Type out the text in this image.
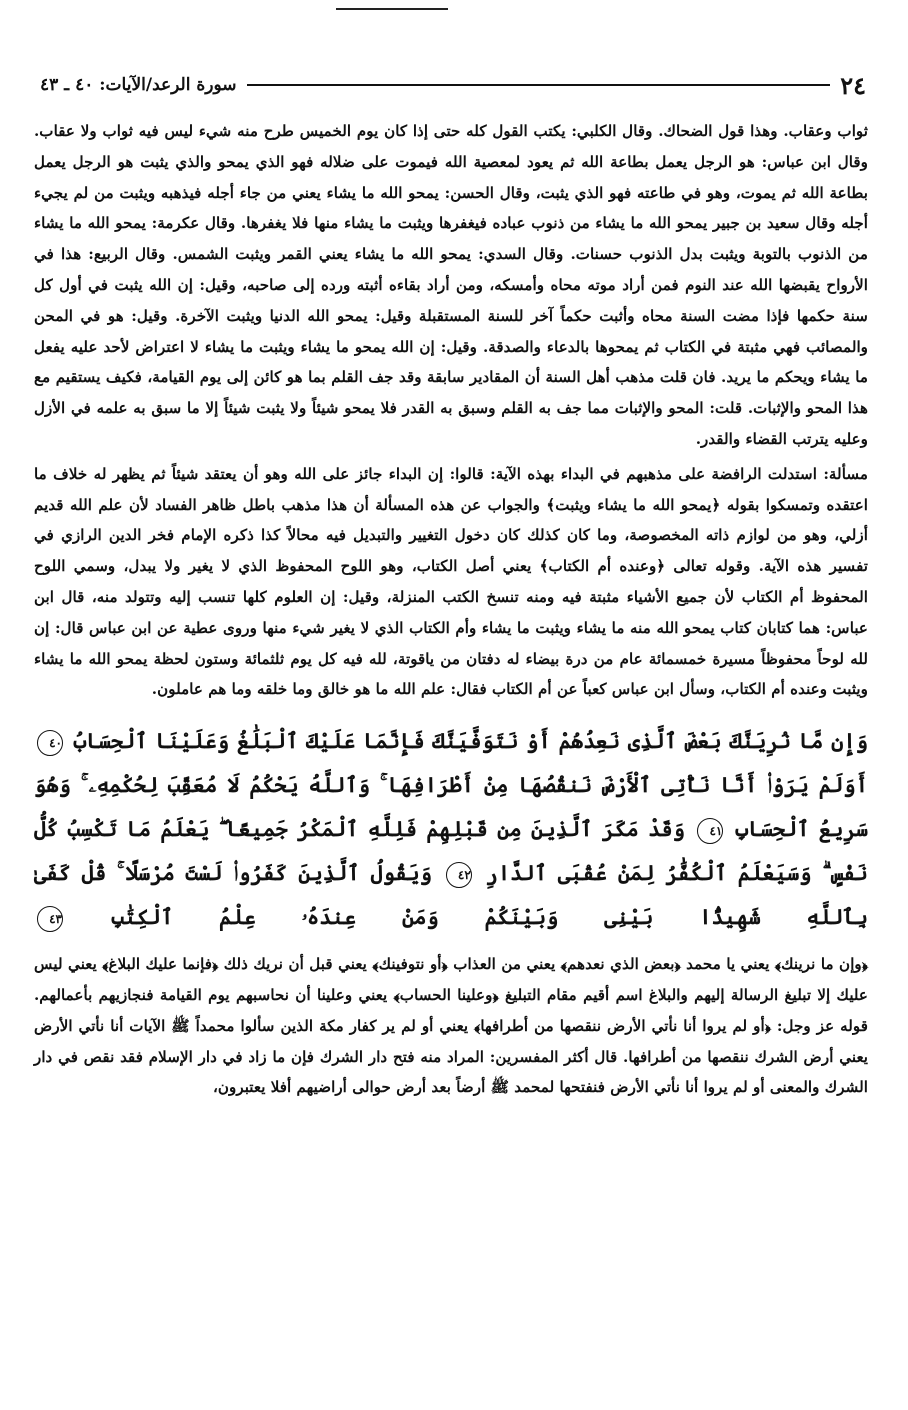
٢٤
سورة الرعد/الآيات: ٤٠ ـ ٤٣

ثواب وعقاب. وهذا قول الضحاك. وقال الكلبي: يكتب القول كله حتى إذا كان يوم الخميس طرح منه شيء ليس فيه ثواب ولا عقاب. وقال ابن عباس: هو الرجل يعمل بطاعة الله ثم يعود لمعصية الله فيموت على ضلاله فهو الذي يمحو والذي يثبت هو الرجل يعمل بطاعة الله ثم يموت، وهو في طاعته فهو الذي يثبت، وقال الحسن: يمحو الله ما يشاء يعني من جاء أجله فيذهبه ويثبت من لم يجيء أجله وقال سعيد بن جبير يمحو الله ما يشاء من ذنوب عباده فيغفرها ويثبت ما يشاء منها فلا يغفرها. وقال عكرمة: يمحو الله ما يشاء من الذنوب بالتوبة ويثبت بدل الذنوب حسنات. وقال السدي: يمحو الله ما يشاء يعني القمر ويثبت الشمس. وقال الربيع: هذا في الأرواح يقبضها الله عند النوم فمن أراد موته محاه وأمسكه، ومن أراد بقاءه أثبته ورده إلى صاحبه، وقيل: إن الله يثبت في أول كل سنة حكمها فإذا مضت السنة محاه وأثبت حكماً آخر للسنة المستقبلة وقيل: يمحو الله الدنيا ويثبت الآخرة. وقيل: هو في المحن والمصائب فهي مثبتة في الكتاب ثم يمحوها بالدعاء والصدقة. وقيل: إن الله يمحو ما يشاء ويثبت ما يشاء لا اعتراض لأحد عليه يفعل ما يشاء ويحكم ما يريد. فان قلت مذهب أهل السنة أن المقادير سابقة وقد جف القلم بما هو كائن إلى يوم القيامة، فكيف يستقيم مع هذا المحو والإثبات. قلت: المحو والإثبات مما جف به القلم وسبق به القدر فلا يمحو شيئاً ولا يثبت شيئاً إلا ما سبق به علمه في الأزل وعليه يترتب القضاء والقدر.

مسألة: استدلت الرافضة على مذهبهم في البداء بهذه الآية: قالوا: إن البداء جائز على الله وهو أن يعتقد شيئاً ثم يظهر له خلاف ما اعتقده وتمسكوا بقوله ﴿يمحو الله ما يشاء ويثبت﴾ والجواب عن هذه المسألة أن هذا مذهب باطل ظاهر الفساد لأن علم الله قديم أزلي، وهو من لوازم ذاته المخصوصة، وما كان كذلك كان دخول التغيير والتبديل فيه محالاً كذا ذكره الإمام فخر الدين الرازي في تفسير هذه الآية. وقوله تعالى ﴿وعنده أم الكتاب﴾ يعني أصل الكتاب، وهو اللوح المحفوظ الذي لا يغير ولا يبدل، وسمي اللوح المحفوظ أم الكتاب لأن جميع الأشياء مثبتة فيه ومنه تنسخ الكتب المنزلة، وقيل: إن العلوم كلها تنسب إليه وتتولد منه، قال ابن عباس: هما كتابان كتاب يمحو الله منه ما يشاء ويثبت ما يشاء وأم الكتاب الذي لا يغير شيء منها وروى عطية عن ابن عباس قال: إن لله لوحاً محفوظاً مسيرة خمسمائة عام من درة بيضاء له دفتان من ياقوتة، لله فيه كل يوم ثلثمائة وستون لحظة يمحو الله ما يشاء ويثبت وعنده أم الكتاب، وسأل ابن عباس كعباً عن أم الكتاب فقال: علم الله ما هو خالق وما خلقه وما هم عاملون.

وَإِن مَّا نُرِيَنَّكَ بَعْضَ ٱلَّذِى نَعِدُهُمْ أَوْ نَتَوَفَّيَنَّكَ فَإِنَّمَا عَلَيْكَ ٱلْبَلَٰغُ وَعَلَيْنَا ٱلْحِسَابُ ٤٠ أَوَلَمْ يَرَوْا۟ أَنَّا نَأْتِى ٱلْأَرْضَ نَنقُصُهَا مِنْ أَطْرَافِهَا ۚ وَٱللَّهُ يَحْكُمُ لَا مُعَقِّبَ لِحُكْمِهِۦ ۚ وَهُوَ سَرِيعُ ٱلْحِسَابِ ٤١ وَقَدْ مَكَرَ ٱلَّذِينَ مِن قَبْلِهِمْ فَلِلَّهِ ٱلْمَكْرُ جَمِيعًا ۖ يَعْلَمُ مَا تَكْسِبُ كُلُّ نَفْسٍ ۗ وَسَيَعْلَمُ ٱلْكُفَّٰرُ لِمَنْ عُقْبَى ٱلدَّارِ ٤٢ وَيَقُولُ ٱلَّذِينَ كَفَرُوا۟ لَسْتَ مُرْسَلًا ۚ قُلْ كَفَىٰ بِٱللَّهِ شَهِيدًۢا بَيْنِى وَبَيْنَكُمْ وَمَنْ عِندَهُۥ عِلْمُ ٱلْكِتَٰبِ ٤٣

﴿وإن ما نرينك﴾ يعني يا محمد ﴿بعض الذي نعدهم﴾ يعني من العذاب ﴿أو نتوفينك﴾ يعني قبل أن نريك ذلك ﴿فإنما عليك البلاغ﴾ يعني ليس عليك إلا تبليغ الرسالة إليهم والبلاغ اسم أقيم مقام التبليغ ﴿وعلينا الحساب﴾ يعني وعلينا أن نحاسبهم يوم القيامة فنجازيهم بأعمالهم. قوله عز وجل: ﴿أو لم يروا أنا نأتي الأرض ننقصها من أطرافها﴾ يعني أو لم ير كفار مكة الذين سألوا محمداً ﷺ الآيات أنا نأتي الأرض يعني أرض الشرك ننقصها من أطرافها. قال أكثر المفسرين: المراد منه فتح دار الشرك فإن ما زاد في دار الإسلام فقد نقص في دار الشرك والمعنى أو لم يروا أنا نأتي الأرض فنفتحها لمحمد ﷺ أرضاً بعد أرض حوالى أراضيهم أفلا يعتبرون،
